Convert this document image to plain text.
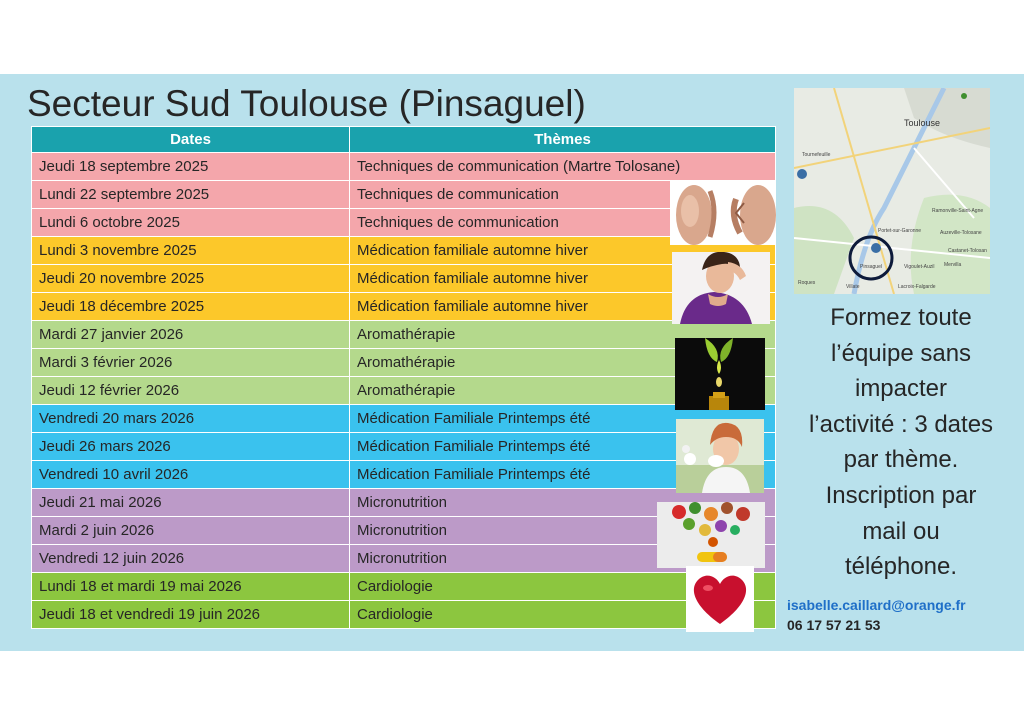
Secteur Sud Toulouse (Pinsaguel)
Dates	Thèmes
Jeudi 18 septembre 2025	Techniques de communication (Martre Tolosane)
Lundi 22 septembre 2025	Techniques de communication
Lundi 6 octobre 2025	Techniques de communication
Lundi 3 novembre 2025	Médication familiale automne hiver
Jeudi 20 novembre 2025	Médication familiale automne hiver
Jeudi 18 décembre 2025	Médication familiale automne hiver
Mardi 27 janvier 2026	Aromathérapie
Mardi 3 février 2026	Aromathérapie
Jeudi 12 février 2026	Aromathérapie
Vendredi 20 mars 2026	Médication Familiale Printemps été
Jeudi 26 mars 2026	Médication Familiale Printemps été
Vendredi 10 avril 2026	Médication Familiale Printemps été
Jeudi 21 mai 2026	Micronutrition
Mardi 2 juin 2026	Micronutrition
Vendredi 12 juin 2026	Micronutrition
Lundi 18 et mardi 19 mai 2026	Cardiologie
Jeudi 18 et vendredi 19 juin 2026	Cardiologie
Toulouse
Tournefeuille
Portet-sur-Garonne
Pinsaguel
Ramonville-Saint-Agne
Auzeville-Tolosane
Castanet-Tolosan
Vigoulet-Auzil Mervilla
Roques
Villate	Lacroix-Falgarde
Formez toute
l’équipe sans
impacter
l’activité : 3 dates
par thème.
Inscription par
mail ou
téléphone.
isabelle.caillard@orange.fr
06 17 57 21 53
